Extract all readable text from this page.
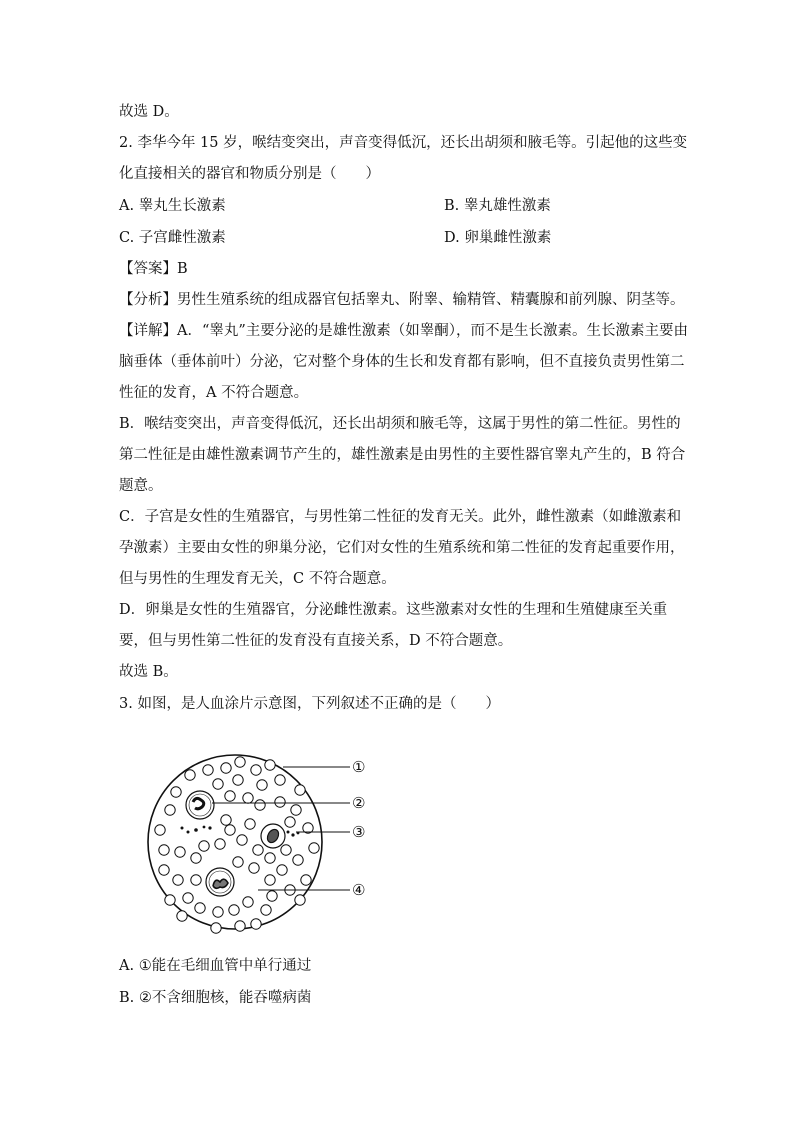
故选 D。
2. 李华今年 15 岁，喉结变突出，声音变得低沉，还长出胡须和腋毛等。引起他的这些变
化直接相关的器官和物质分别是（　　）
A. 睾丸生长激素	B. 睾丸雄性激素
C. 子宫雌性激素	D. 卵巢雌性激素
【答案】B
【分析】男性生殖系统的组成器官包括睾丸、附睾、输精管、精囊腺和前列腺、阴茎等。
【详解】A．“睾丸”主要分泌的是雄性激素（如睾酮），而不是生长激素。生长激素主要由
脑垂体（垂体前叶）分泌，它对整个身体的生长和发育都有影响，但不直接负责男性第二
性征的发育，A 不符合题意。
B．喉结变突出，声音变得低沉，还长出胡须和腋毛等，这属于男性的第二性征。男性的
第二性征是由雄性激素调节产生的，雄性激素是由男性的主要性器官睾丸产生的，B 符合
题意。
C．子宫是女性的生殖器官，与男性第二性征的发育无关。此外，雌性激素（如雌激素和
孕激素）主要由女性的卵巢分泌，它们对女性的生殖系统和第二性征的发育起重要作用，
但与男性的生理发育无关，C 不符合题意。
D．卵巢是女性的生殖器官，分泌雌性激素。这些激素对女性的生理和生殖健康至关重
要，但与男性第二性征的发育没有直接关系，D 不符合题意。
故选 B。
3. 如图，是人血涂片示意图，下列叙述不正确的是（　　）
①
②
③
④
A. ①能在毛细血管中单行通过
B. ②不含细胞核，能吞噬病菌
